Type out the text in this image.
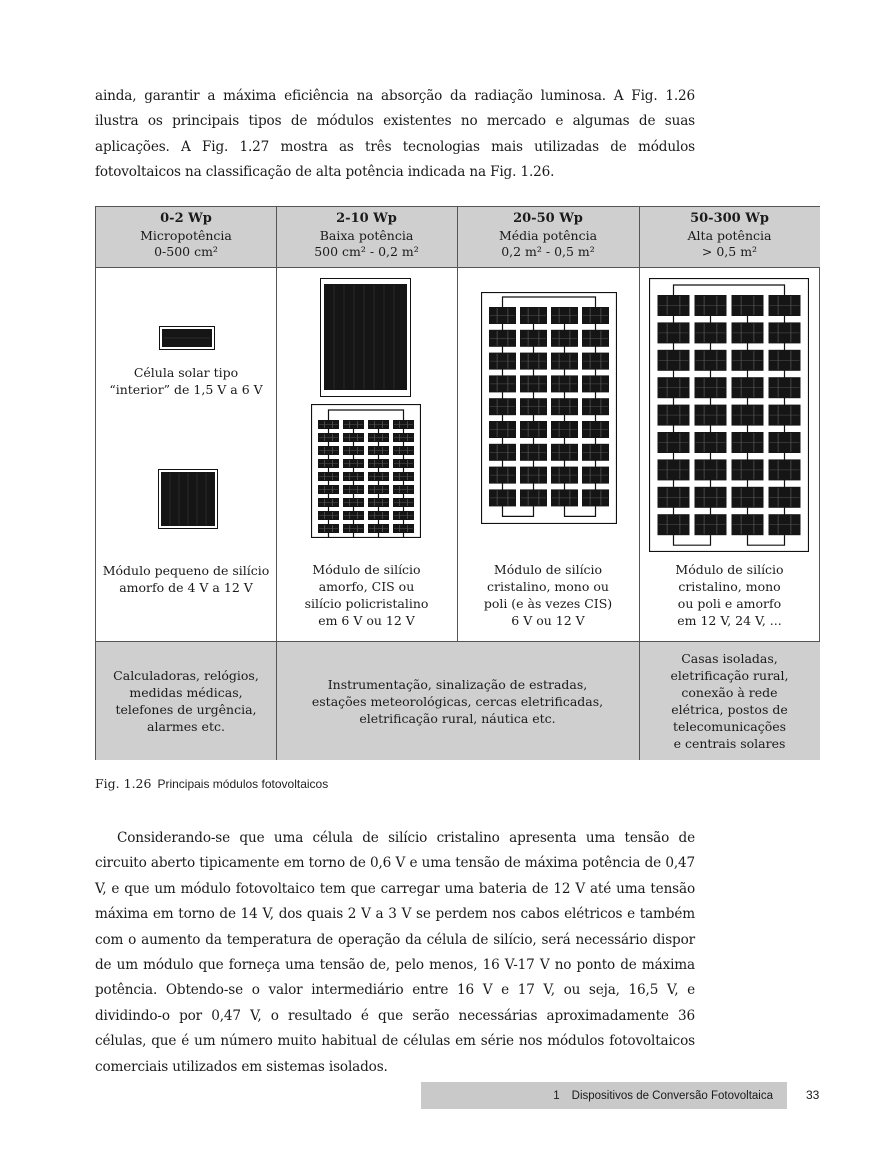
ainda, garantir a máxima eficiência na absorção da radiação luminosa. A Fig. 1.26 ilustra os principais tipos de módulos existentes no mercado e algumas de suas aplicações. A Fig. 1.27 mostra as três tecnologias mais utilizadas de módulos fotovoltaicos na classificação de alta potência indicada na Fig. 1.26.

0-2 Wp
Micropotência
0-500 cm²
2-10 Wp
Baixa potência
500 cm² - 0,2 m²
20-50 Wp
Média potência
0,2 m² - 0,5 m²
50-300 Wp
Alta potência
> 0,5 m²
Célula solar tipo
“interior” de 1,5 V a 6 V
Módulo pequeno de silício
amorfo de 4 V a 12 V
Módulo de silício
amorfo, CIS ou
silício policristalino
em 6 V ou 12 V
Módulo de silício
cristalino, mono ou
poli (e às vezes CIS)
6 V ou 12 V
Módulo de silício
cristalino, mono
ou poli e amorfo
em 12 V, 24 V, ...
Calculadoras, relógios,
medidas médicas,
telefones de urgência,
alarmes etc.
Instrumentação, sinalização de estradas,
estações meteorológicas, cercas eletrificadas,
eletrificação rural, náutica etc.
Casas isoladas,
eletrificação rural,
conexão à rede
elétrica, postos de
telecomunicações
e centrais solares
Fig. 1.26 Principais módulos fotovoltaicos

Considerando-se que uma célula de silício cristalino apresenta uma tensão de circuito aberto tipicamente em torno de 0,6 V e uma tensão de máxima potência de 0,47 V, e que um módulo fotovoltaico tem que carregar uma bateria de 12 V até uma tensão máxima em torno de 14 V, dos quais 2 V a 3 V se perdem nos cabos elétricos e também com o aumento da temperatura de operação da célula de silício, será necessário dispor de um módulo que forneça uma tensão de, pelo menos, 16 V-17 V no ponto de máxima potência. Obtendo-se o valor intermediário entre 16 V e 17 V, ou seja, 16,5 V, e dividindo-o por 0,47 V, o resultado é que serão necessárias aproximadamente 36 células, que é um número muito habitual de células em série nos módulos fotovoltaicos comerciais utilizados em sistemas isolados.

1 Dispositivos de Conversão Fotovoltaica	33
